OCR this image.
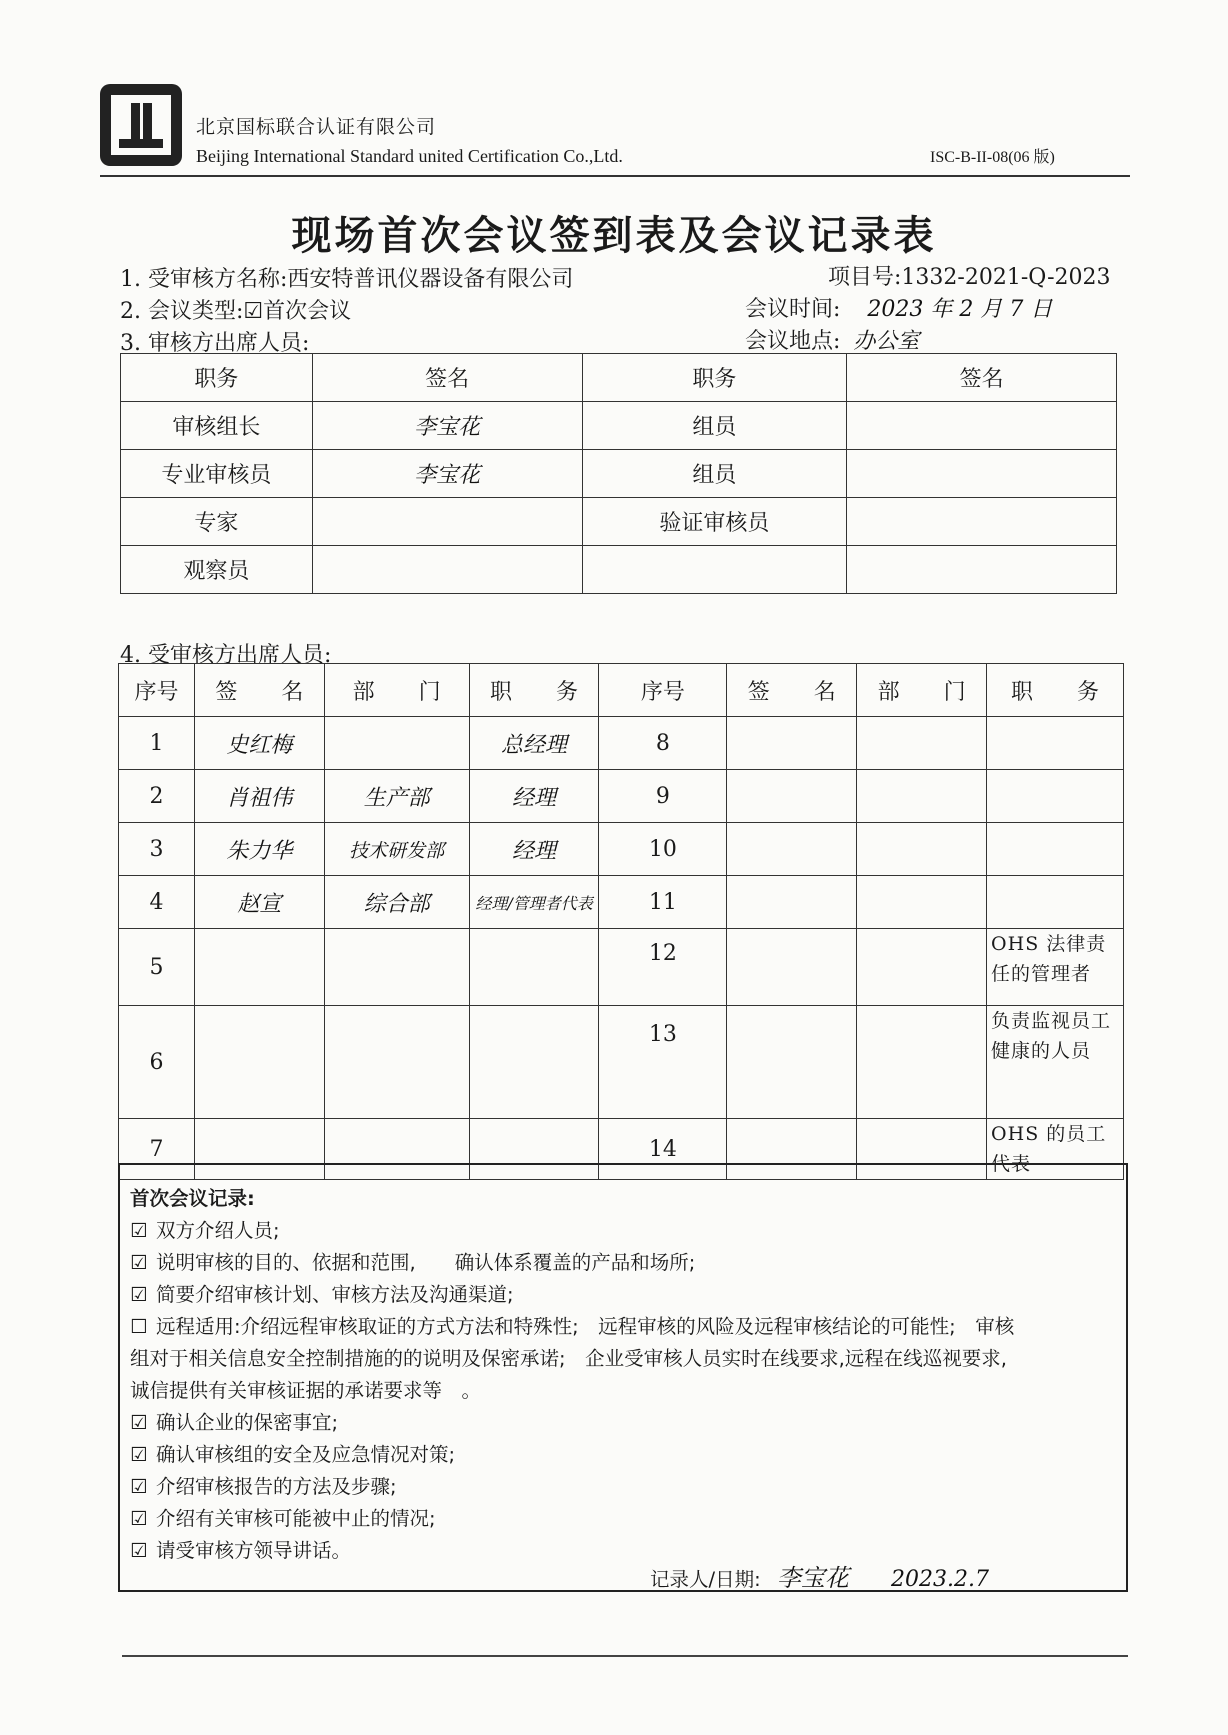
北京国标联合认证有限公司
Beijing International Standard united Certification Co.,Ltd.	ISC-B-II-08(06 版)
现场首次会议签到表及会议记录表
1. 受审核方名称:西安特普讯仪器设备有限公司	项目号:1332-2021-Q-2023
2. 会议类型:☑首次会议	会议时间: 2023 年 2 月 7 日
3. 审核方出席人员:	会议地点: 办公室
职务	签名	职务	签名
审核组长	李宝花	组员	
专业审核员	李宝花	组员	
专家		验证审核员	
观察员			
4. 受审核方出席人员:
序号	签　　名	部　　门	职　　务	序号	签　　名	部　　门	职　　务
1	史红梅		总经理	8			
2	肖祖伟	生产部	经理	9			
3	朱力华	技术研发部	经理	10			
4	赵宣	综合部	经理/管理者代表	11			
5				12			OHS 法律责任的管理者
6				13			负责监视员工健康的人员
7				14			OHS 的员工代表
首次会议记录:
☑ 双方介绍人员;
☑ 说明审核的目的、依据和范围,　　确认体系覆盖的产品和场所;
☑ 简要介绍审核计划、审核方法及沟通渠道;
☐ 远程适用:介绍远程审核取证的方式方法和特殊性;　远程审核的风险及远程审核结论的可能性;　审核
组对于相关信息安全控制措施的的说明及保密承诺;　企业受审核人员实时在线要求,远程在线巡视要求,
诚信提供有关审核证据的承诺要求等　。
☑ 确认企业的保密事宜;
☑ 确认审核组的安全及应急情况对策;
☑ 介绍审核报告的方法及步骤;
☑ 介绍有关审核可能被中止的情况;
☑ 请受审核方领导讲话。
记录人/日期: 李宝花 2023.2.7
